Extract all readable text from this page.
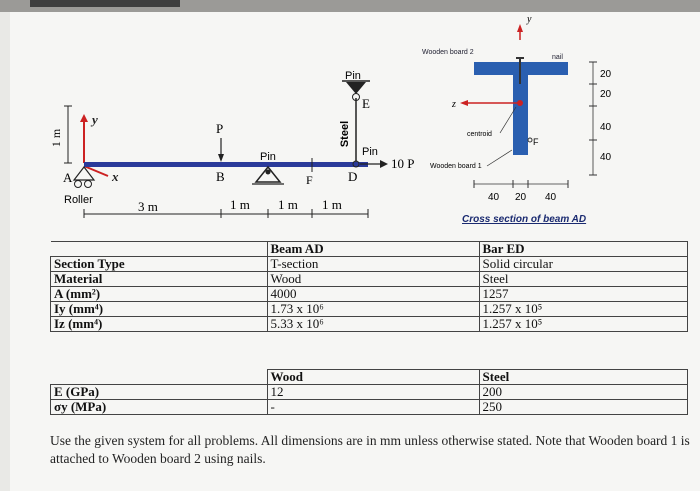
1 m
y
x
A
Roller
P
B
Pin
F
Steel
Pin
E
Pin
D
10 P
3 m	1 m 1 m 1 m
nail
Wooden board 2
y
z
centroid
F
Wooden board 1
40 20 40
Cross section of beam AD
20
20
40
40
	Beam AD	Bar ED
Section Type	T-section	Solid circular
Material	Wood	Steel
A (mm²)	4000	1257
Iy (mm⁴)	1.73 x 10⁶	1.257 x 10⁵
Iz (mm⁴)	5.33 x 10⁶	1.257 x 10⁵
	Wood	Steel
E (GPa)	12	200
σy (MPa)	-	250
Use the given system for all problems. All dimensions are in mm unless otherwise stated. Note that Wooden board 1 is attached to Wooden board 2 using nails.
